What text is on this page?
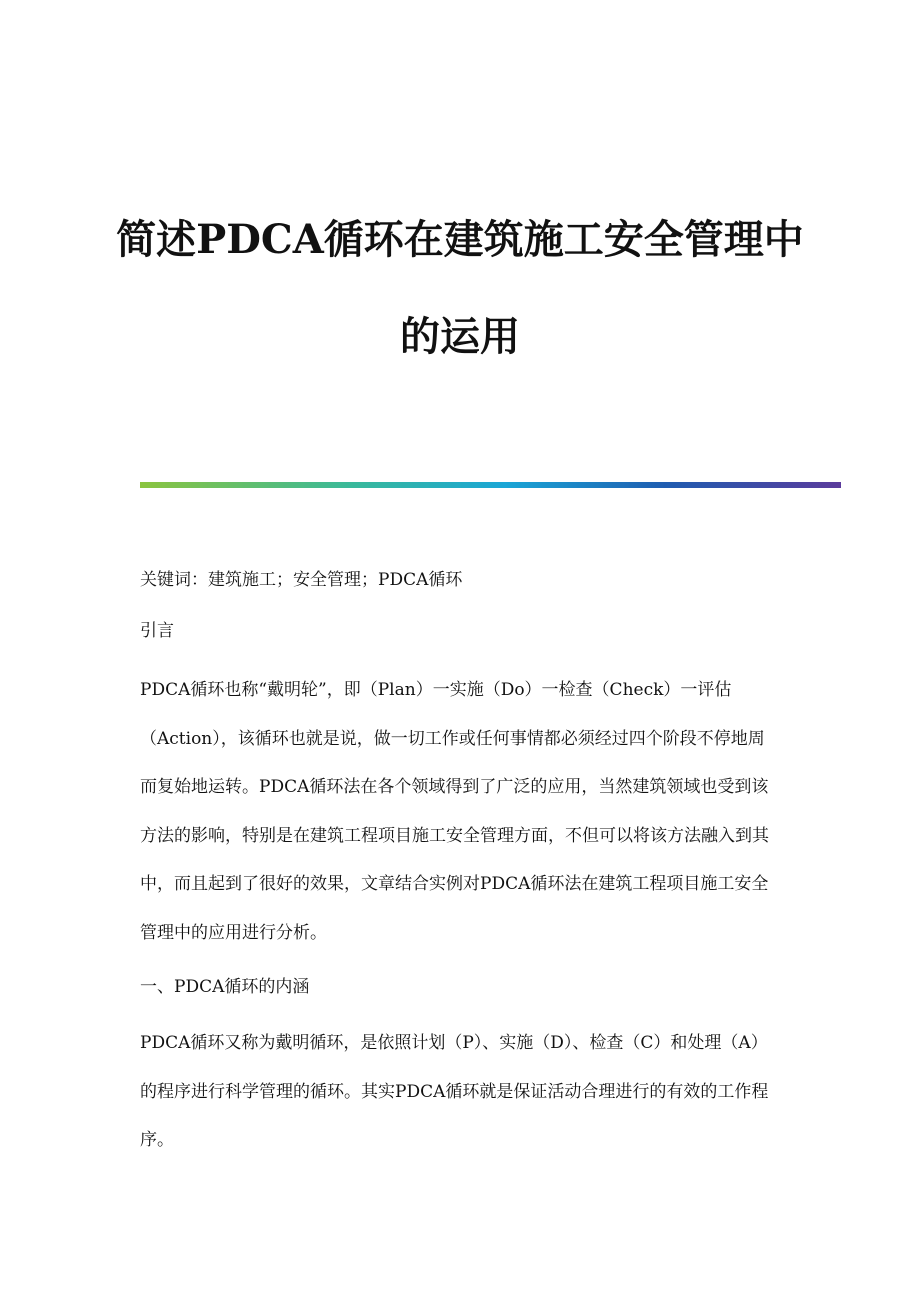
简述PDCA循环在建筑施工安全管理中
的运用

关键词：建筑施工；安全管理；PDCA循环

引言

PDCA循环也称“戴明轮”，即（Plan）一实施（Do）一检查（Check）一评估（Action），该循环也就是说，做一切工作或任何事情都必须经过四个阶段不停地周而复始地运转。PDCA循环法在各个领域得到了广泛的应用，当然建筑领域也受到该方法的影响，特别是在建筑工程项目施工安全管理方面，不但可以将该方法融入到其中，而且起到了很好的效果，文章结合实例对PDCA循环法在建筑工程项目施工安全管理中的应用进行分析。

一、PDCA循环的内涵

PDCA循环又称为戴明循环，是依照计划（P）、实施（D）、检查（C）和处理（A）的程序进行科学管理的循环。其实PDCA循环就是保证活动合理进行的有效的工作程序。
